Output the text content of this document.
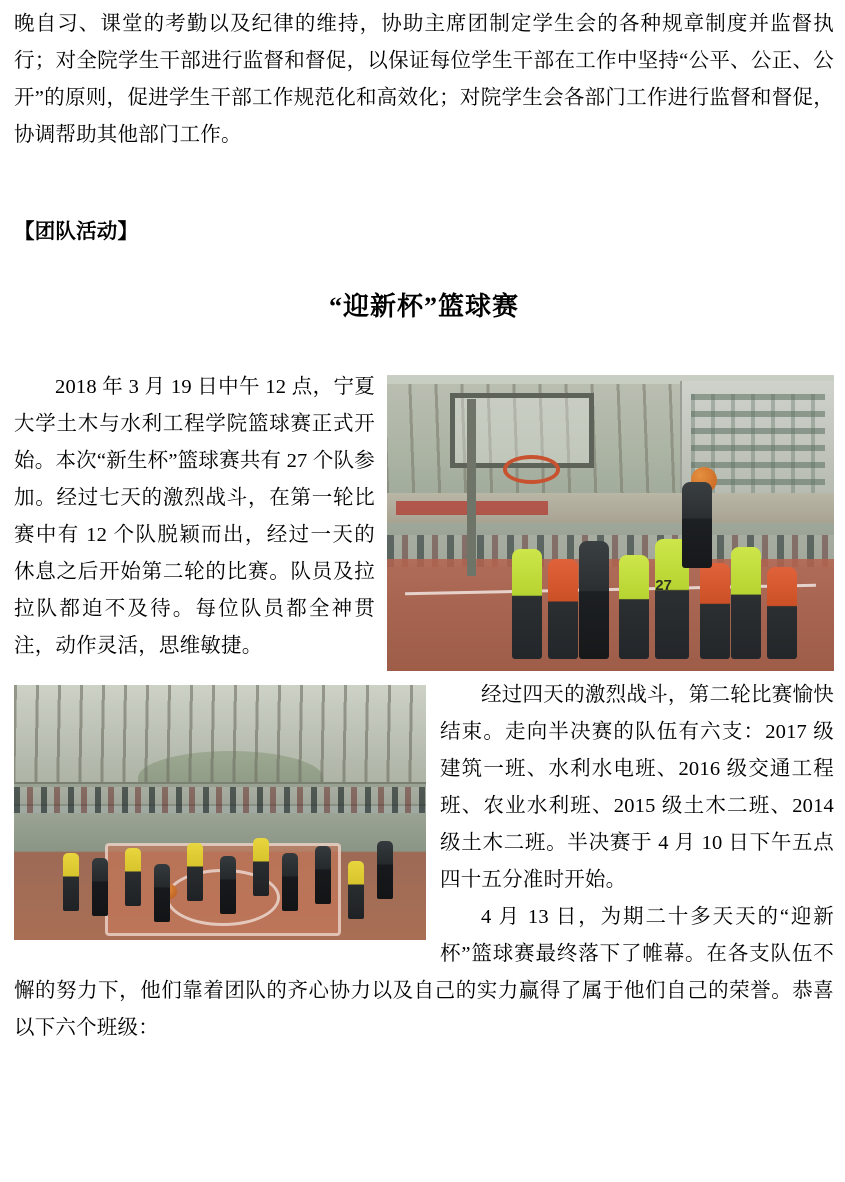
晚自习、课堂的考勤以及纪律的维持，协助主席团制定学生会的各种规章制度并监督执行；对全院学生干部进行监督和督促，以保证每位学生干部在工作中坚持“公平、公正、公开”的原则，促进学生干部工作规范化和高效化；对院学生会各部门工作进行监督和督促，协调帮助其他部门工作。

【团队活动】

“迎新杯”篮球赛

27

2018 年 3 月 19 日中午 12 点，宁夏大学土木与水利工程学院篮球赛正式开始。本次“新生杯”篮球赛共有 27 个队参加。经过七天的激烈战斗，在第一轮比赛中有 12 个队脱颖而出，经过一天的休息之后开始第二轮的比赛。队员及拉拉队都迫不及待。每位队员都全神贯注，动作灵活，思维敏捷。

经过四天的激烈战斗，第二轮比赛愉快结束。走向半决赛的队伍有六支：2017 级建筑一班、水利水电班、2016 级交通工程班、农业水利班、2015 级土木二班、2014 级土木二班。半决赛于 4 月 10 日下午五点四十五分准时开始。

4 月 13 日，为期二十多天天的“迎新杯”篮球赛最终落下了帷幕。在各支队伍不懈的努力下，他们靠着团队的齐心协力以及自己的实力赢得了属于他们自己的荣誉。恭喜以下六个班级：
